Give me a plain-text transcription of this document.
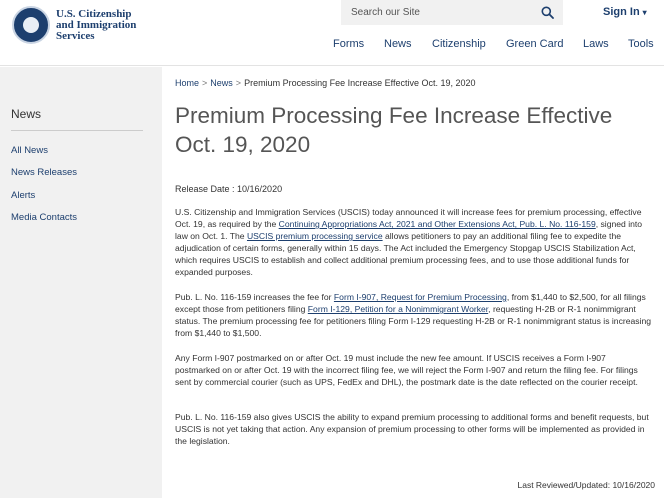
U.S. Citizenship
and Immigration
Services
Search our Site
Sign In ▾
Forms News Citizenship Green Card Laws Tools
News
All News
News Releases
Alerts
Media Contacts
Home > News > Premium Processing Fee Increase Effective Oct. 19, 2020
Premium Processing Fee Increase Effective Oct. 19, 2020
Release Date : 10/16/2020

U.S. Citizenship and Immigration Services (USCIS) today announced it will increase fees for premium processing, effective Oct. 19, as required by the Continuing Appropriations Act, 2021 and Other Extensions Act, Pub. L. No. 116-159, signed into law on Oct. 1. The USCIS premium processing service allows petitioners to pay an additional filing fee to expedite the adjudication of certain forms, generally within 15 days. The Act included the Emergency Stopgap USCIS Stabilization Act, which requires USCIS to establish and collect additional premium processing fees, and to use those additional funds for expanded purposes.

Pub. L. No. 116-159 increases the fee for Form I-907, Request for Premium Processing, from $1,440 to $2,500, for all filings except those from petitioners filing Form I-129, Petition for a Nonimmigrant Worker, requesting H-2B or R-1 nonimmigrant status. The premium processing fee for petitioners filing Form I-129 requesting H-2B or R-1 nonimmigrant status is increasing from $1,440 to $1,500.

Any Form I-907 postmarked on or after Oct. 19 must include the new fee amount. If USCIS receives a Form I-907 postmarked on or after Oct. 19 with the incorrect filing fee, we will reject the Form I-907 and return the filing fee. For filings sent by commercial courier (such as UPS, FedEx and DHL), the postmark date is the date reflected on the courier receipt.

Pub. L. No. 116-159 also gives USCIS the ability to expand premium processing to additional forms and benefit requests, but USCIS is not yet taking that action. Any expansion of premium processing to other forms will be implemented as provided in the legislation.

Last Reviewed/Updated: 10/16/2020
